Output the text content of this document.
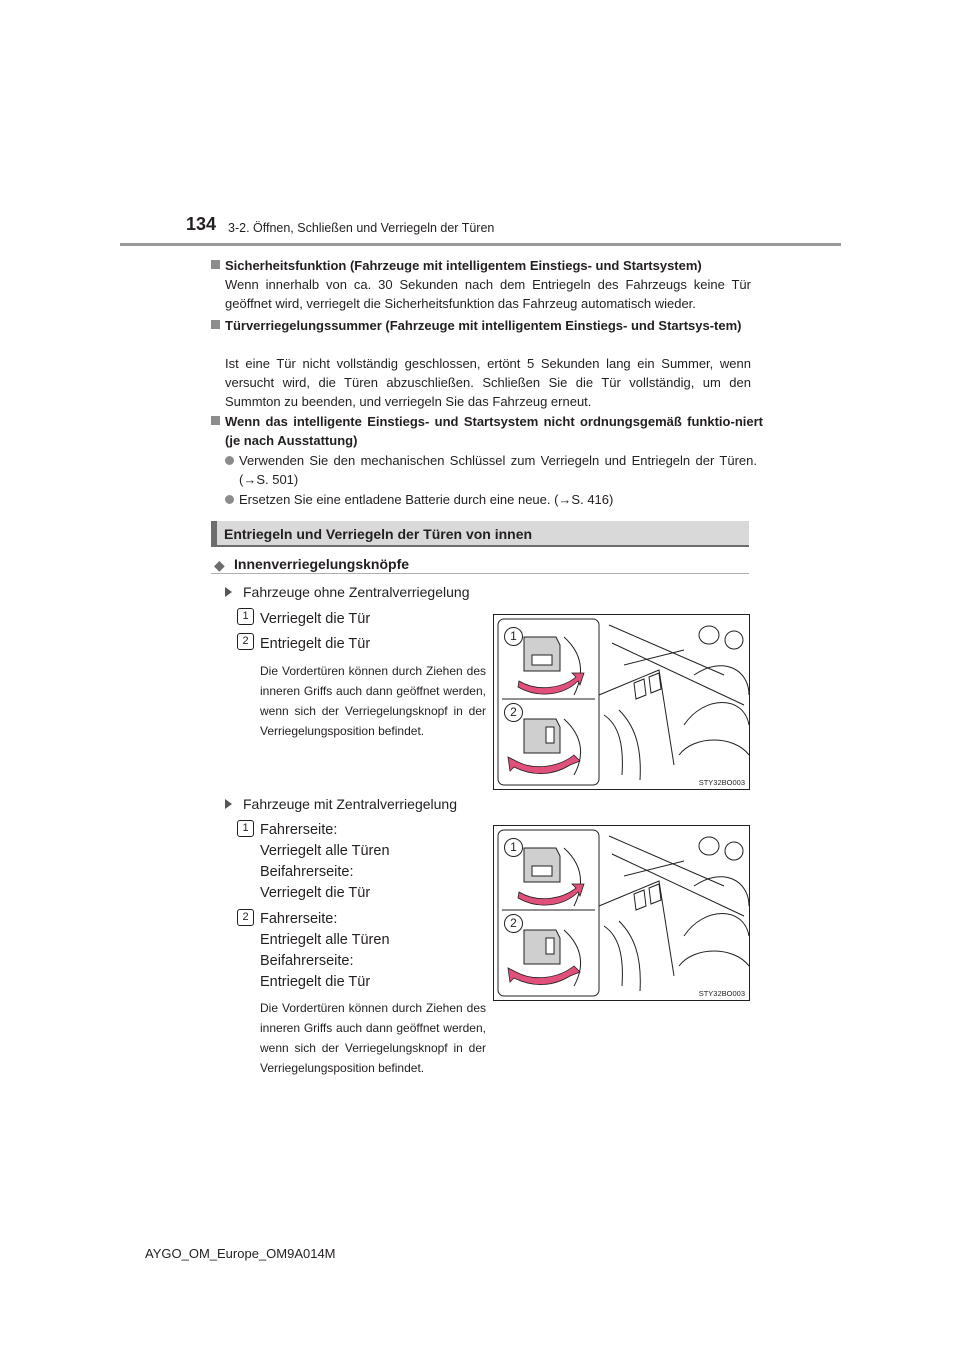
134 3-2. Öffnen, Schließen und Verriegeln der Türen
Sicherheitsfunktion (Fahrzeuge mit intelligentem Einstiegs- und Startsystem)
Wenn innerhalb von ca. 30 Sekunden nach dem Entriegeln des Fahrzeugs keine Tür geöffnet wird, verriegelt die Sicherheitsfunktion das Fahrzeug automatisch wieder.
Türverriegelungssummer (Fahrzeuge mit intelligentem Einstiegs- und Startsys-tem)
Ist eine Tür nicht vollständig geschlossen, ertönt 5 Sekunden lang ein Summer, wenn versucht wird, die Türen abzuschließen. Schließen Sie die Tür vollständig, um den Summton zu beenden, und verriegeln Sie das Fahrzeug erneut.
Wenn das intelligente Einstiegs- und Startsystem nicht ordnungsgemäß funktio-niert (je nach Ausstattung)
Verwenden Sie den mechanischen Schlüssel zum Verriegeln und Entriegeln der Türen. (→S. 501)
Ersetzen Sie eine entladene Batterie durch eine neue. (→S. 416)
Entriegeln und Verriegeln der Türen von innen
◆ Innenverriegelungsknöpfe
Fahrzeuge ohne Zentralverriegelung
1 Verriegelt die Tür
2 Entriegelt die Tür
Die Vordertüren können durch Ziehen des inneren Griffs auch dann geöffnet werden, wenn sich der Verriegelungsknopf in der Verriegelungsposition befindet.
1
2
STY32BO003
Fahrzeuge mit Zentralverriegelung
1 Fahrerseite:
Verriegelt alle Türen
Beifahrerseite:
Verriegelt die Tür
2 Fahrerseite:
Entriegelt alle Türen
Beifahrerseite:
Entriegelt die Tür
Die Vordertüren können durch Ziehen des inneren Griffs auch dann geöffnet werden, wenn sich der Verriegelungsknopf in der Verriegelungsposition befindet.
1
2
STY32BO003
AYGO_OM_Europe_OM9A014M
